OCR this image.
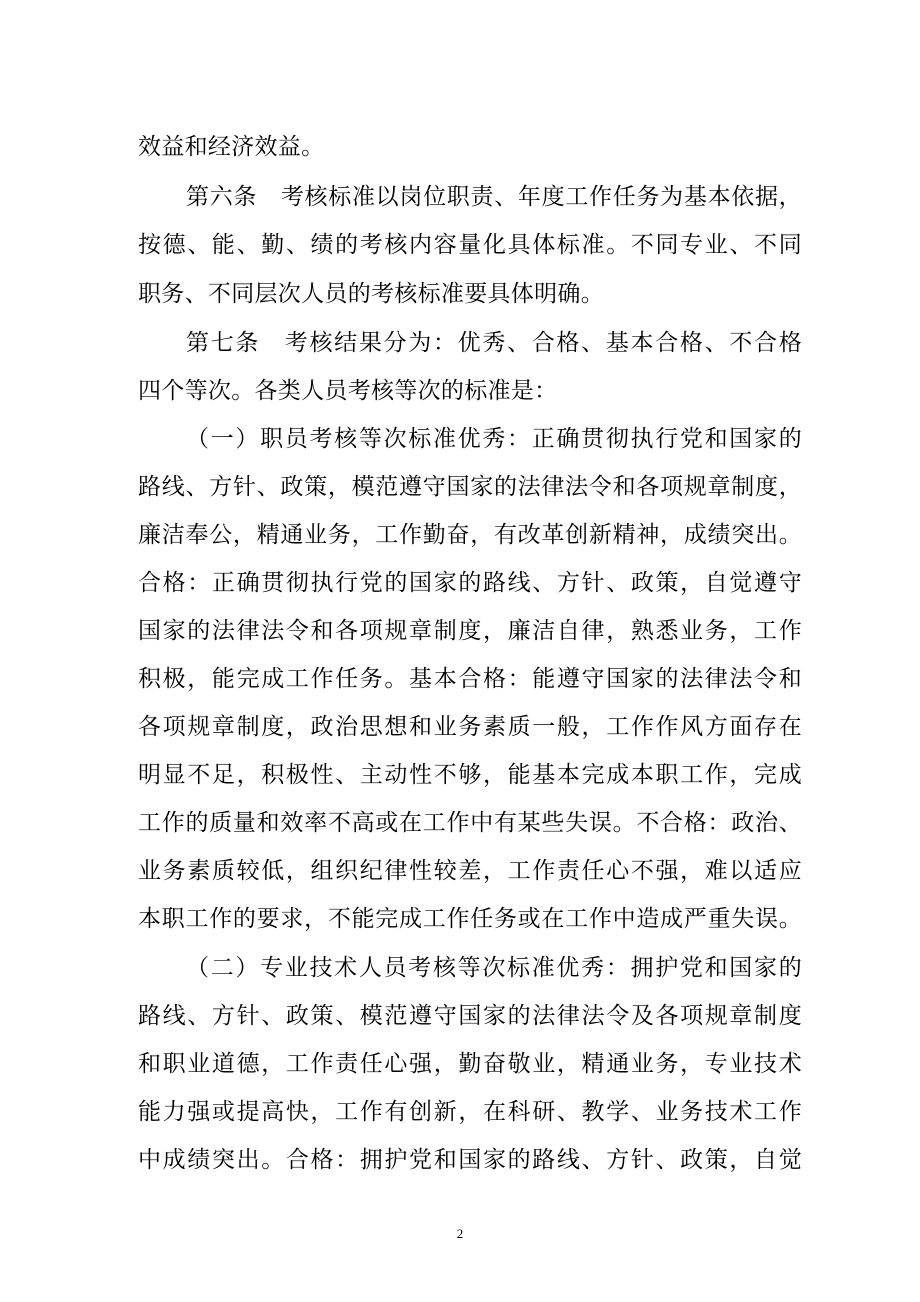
效益和经济效益。
第六条　考核标准以岗位职责、年度工作任务为基本依据，
按德、能、勤、绩的考核内容量化具体标准。不同专业、不同
职务、不同层次人员的考核标准要具体明确。
第七条　考核结果分为：优秀、合格、基本合格、不合格
四个等次。各类人员考核等次的标准是：
（一）职员考核等次标准优秀：正确贯彻执行党和国家的
路线、方针、政策，模范遵守国家的法律法令和各项规章制度，
廉洁奉公，精通业务，工作勤奋，有改革创新精神，成绩突出。
合格：正确贯彻执行党的国家的路线、方针、政策，自觉遵守
国家的法律法令和各项规章制度，廉洁自律，熟悉业务，工作
积极，能完成工作任务。基本合格：能遵守国家的法律法令和
各项规章制度，政治思想和业务素质一般，工作作风方面存在
明显不足，积极性、主动性不够，能基本完成本职工作，完成
工作的质量和效率不高或在工作中有某些失误。不合格：政治、
业务素质较低，组织纪律性较差，工作责任心不强，难以适应
本职工作的要求，不能完成工作任务或在工作中造成严重失误。
（二）专业技术人员考核等次标准优秀：拥护党和国家的
路线、方针、政策、模范遵守国家的法律法令及各项规章制度
和职业道德，工作责任心强，勤奋敬业，精通业务，专业技术
能力强或提高快，工作有创新，在科研、教学、业务技术工作
中成绩突出。合格：拥护党和国家的路线、方针、政策，自觉
2
